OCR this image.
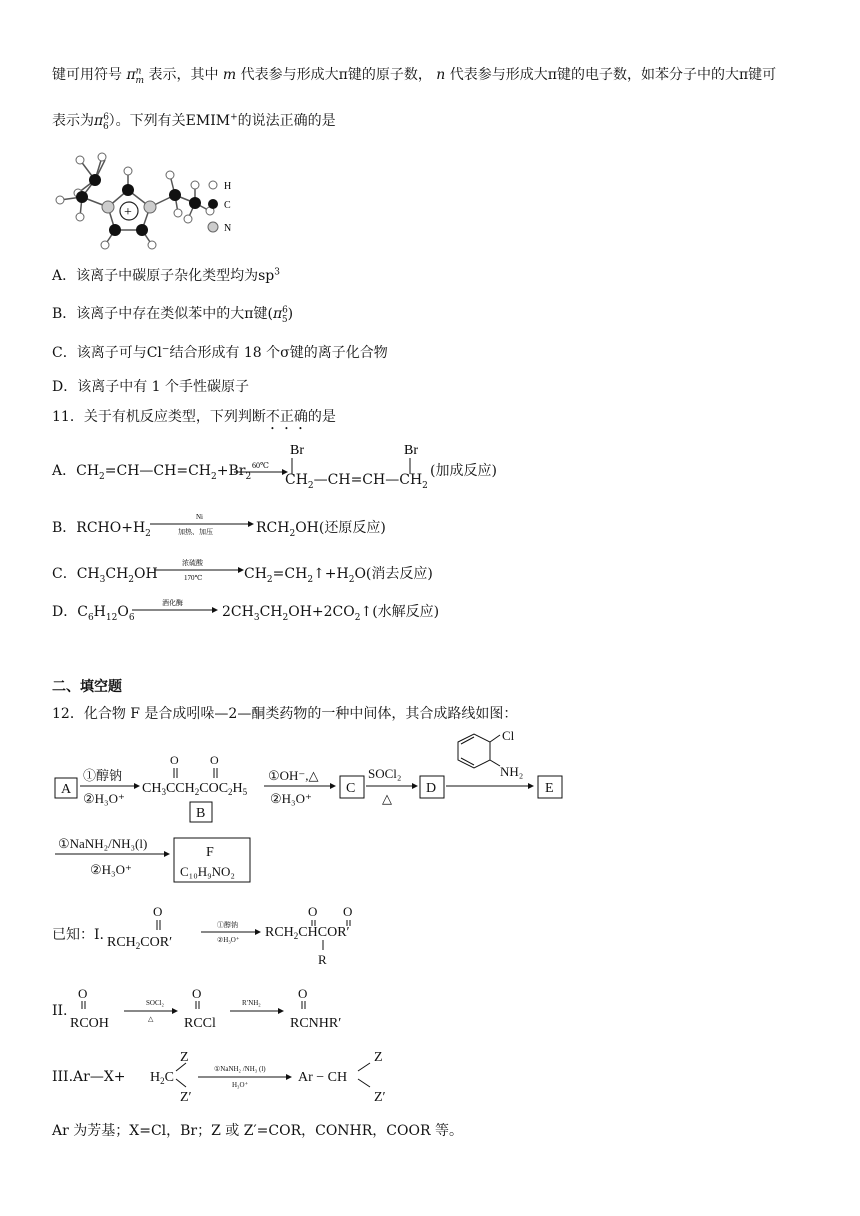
键可用符号 $\pi^n_m$ 表示，其中 m 代表参与形成大π键的原子数， n 代表参与形成大π键的电子数，如苯分子中的大π键可
表示为$\pi^6_6$）。下列有关EMIM+的说法正确的是
+
H
C
N
A．该离子中碳原子杂化类型均为$sp^3$
B．该离子中存在类似苯中的大π键$(\pi^6_5)$
C．该离子可与Cl−结合形成有 18 个σ键的离子化合物
D．该离子中有 1 个手性碳原子
11．关于有机反应类型，下列判断不正确的是
A．$CH_2=CH—CH=CH_2+Br_2$
60℃
Br	Br
$CH_2—CH=CH—CH_2$
(加成反应)
B．$RCHO+H_2$
Ni
加热、加压	$RCH_2OH$(还原反应)
C．$CH_3CH_2OH$
浓硫酸
170℃	$CH_2=CH_2↑+H_2O$(消去反应)
D．$C_6H_{12}O_6$
酒化酶
$2CH_3CH_2OH+2CO_2↑$(水解反应)
二、填空题
12．化合物 F 是合成吲哚—2—酮类药物的一种中间体，其合成路线如图：
A
①醇钠
②H₃O⁺
$CH_3CCH_2COC_2H_5$
O	O
B
①OH⁻,△
②H₃O⁺
C
SOCl₂
△
D
Cl
NH₂
E
①NaNH₂/NH₃(l)
②H₃O⁺
F
C₁₀H₉NO₂
已知：I.
O
$RCH_2COR'$
①醇钠
②H₃O⁺ $RCH_2CHCOR'$
O O
R
II.
O
RCOH
SOCl₂
△
O
RCCl
R′NH₂
O
RCNHR′
III.Ar—X+ $H_2C$
Z
Z′
①NaNH₂ /NH₃ (l)
H₃O⁺	Ar − CH
Z
Z′
Ar 为芳基；X=Cl，Br；Z 或 Z′=COR，CONHR，COOR 等。
